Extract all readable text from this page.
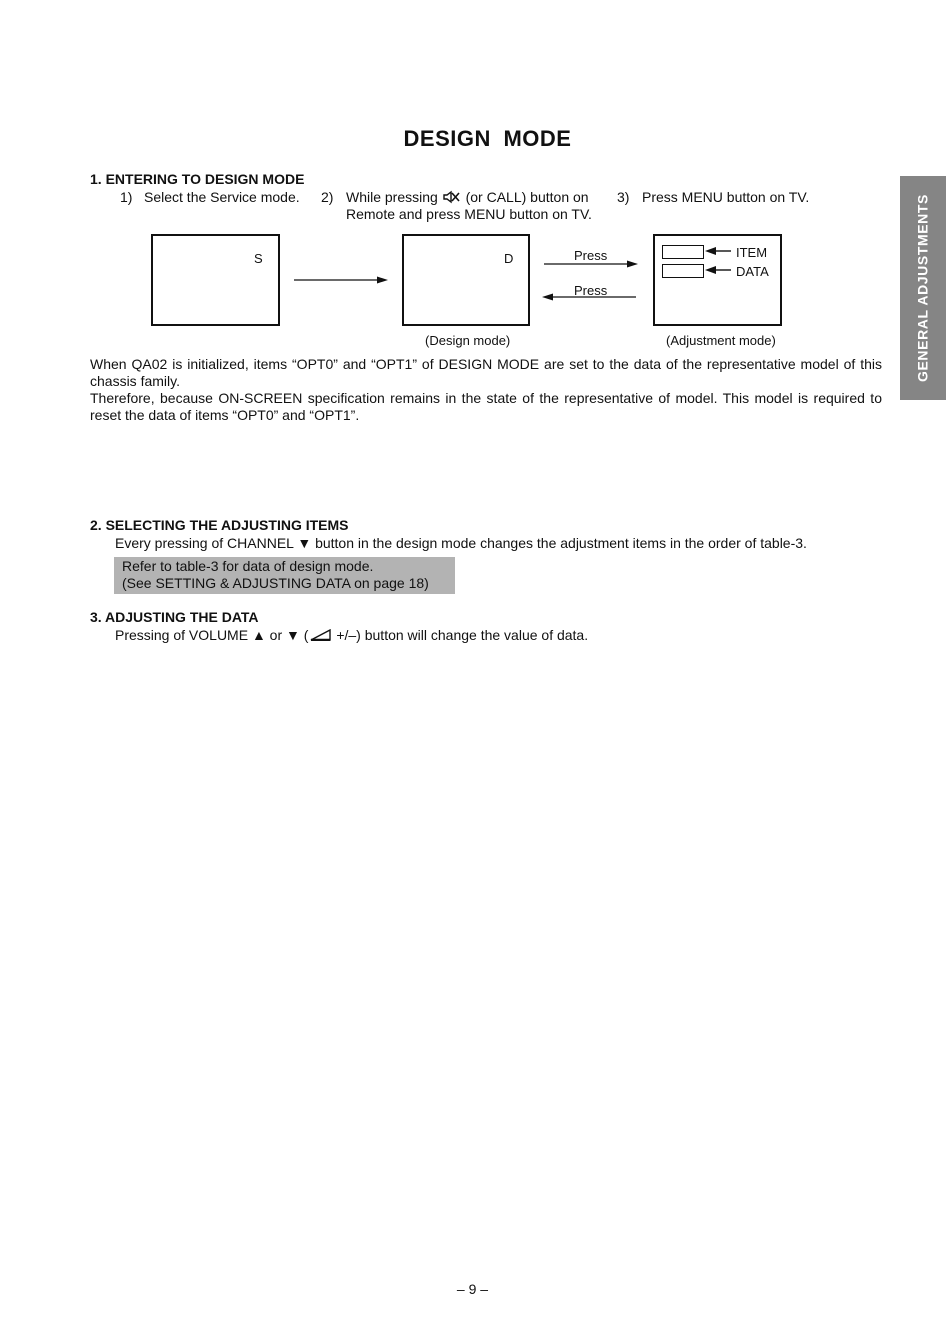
DESIGN MODE
GENERAL ADJUSTMENTS
1. ENTERING TO DESIGN MODE
1) Select the Service mode. 2) While pressing (or CALL) button on
Remote and press MENU button on TV.
3) Press MENU button on TV.
S	D	Press
Press
ITEM
DATA
(Design mode)	(Adjustment mode)
When QA02 is initialized, items “OPT0” and “OPT1” of DESIGN MODE are set to the data of the representative model of this chassis family.
Therefore, because ON-SCREEN specification remains in the state of the representative of model. This model is required to reset the data of items “OPT0” and “OPT1”.
2. SELECTING THE ADJUSTING ITEMS
Every pressing of CHANNEL ▼ button in the design mode changes the adjustment items in the order of table-3.
Refer to table-3 for data of design mode.
(See SETTING & ADJUSTING DATA on page 18)
3. ADJUSTING THE DATA
Pressing of VOLUME ▲ or ▼ ( +/–) button will change the value of data.
– 9 –
